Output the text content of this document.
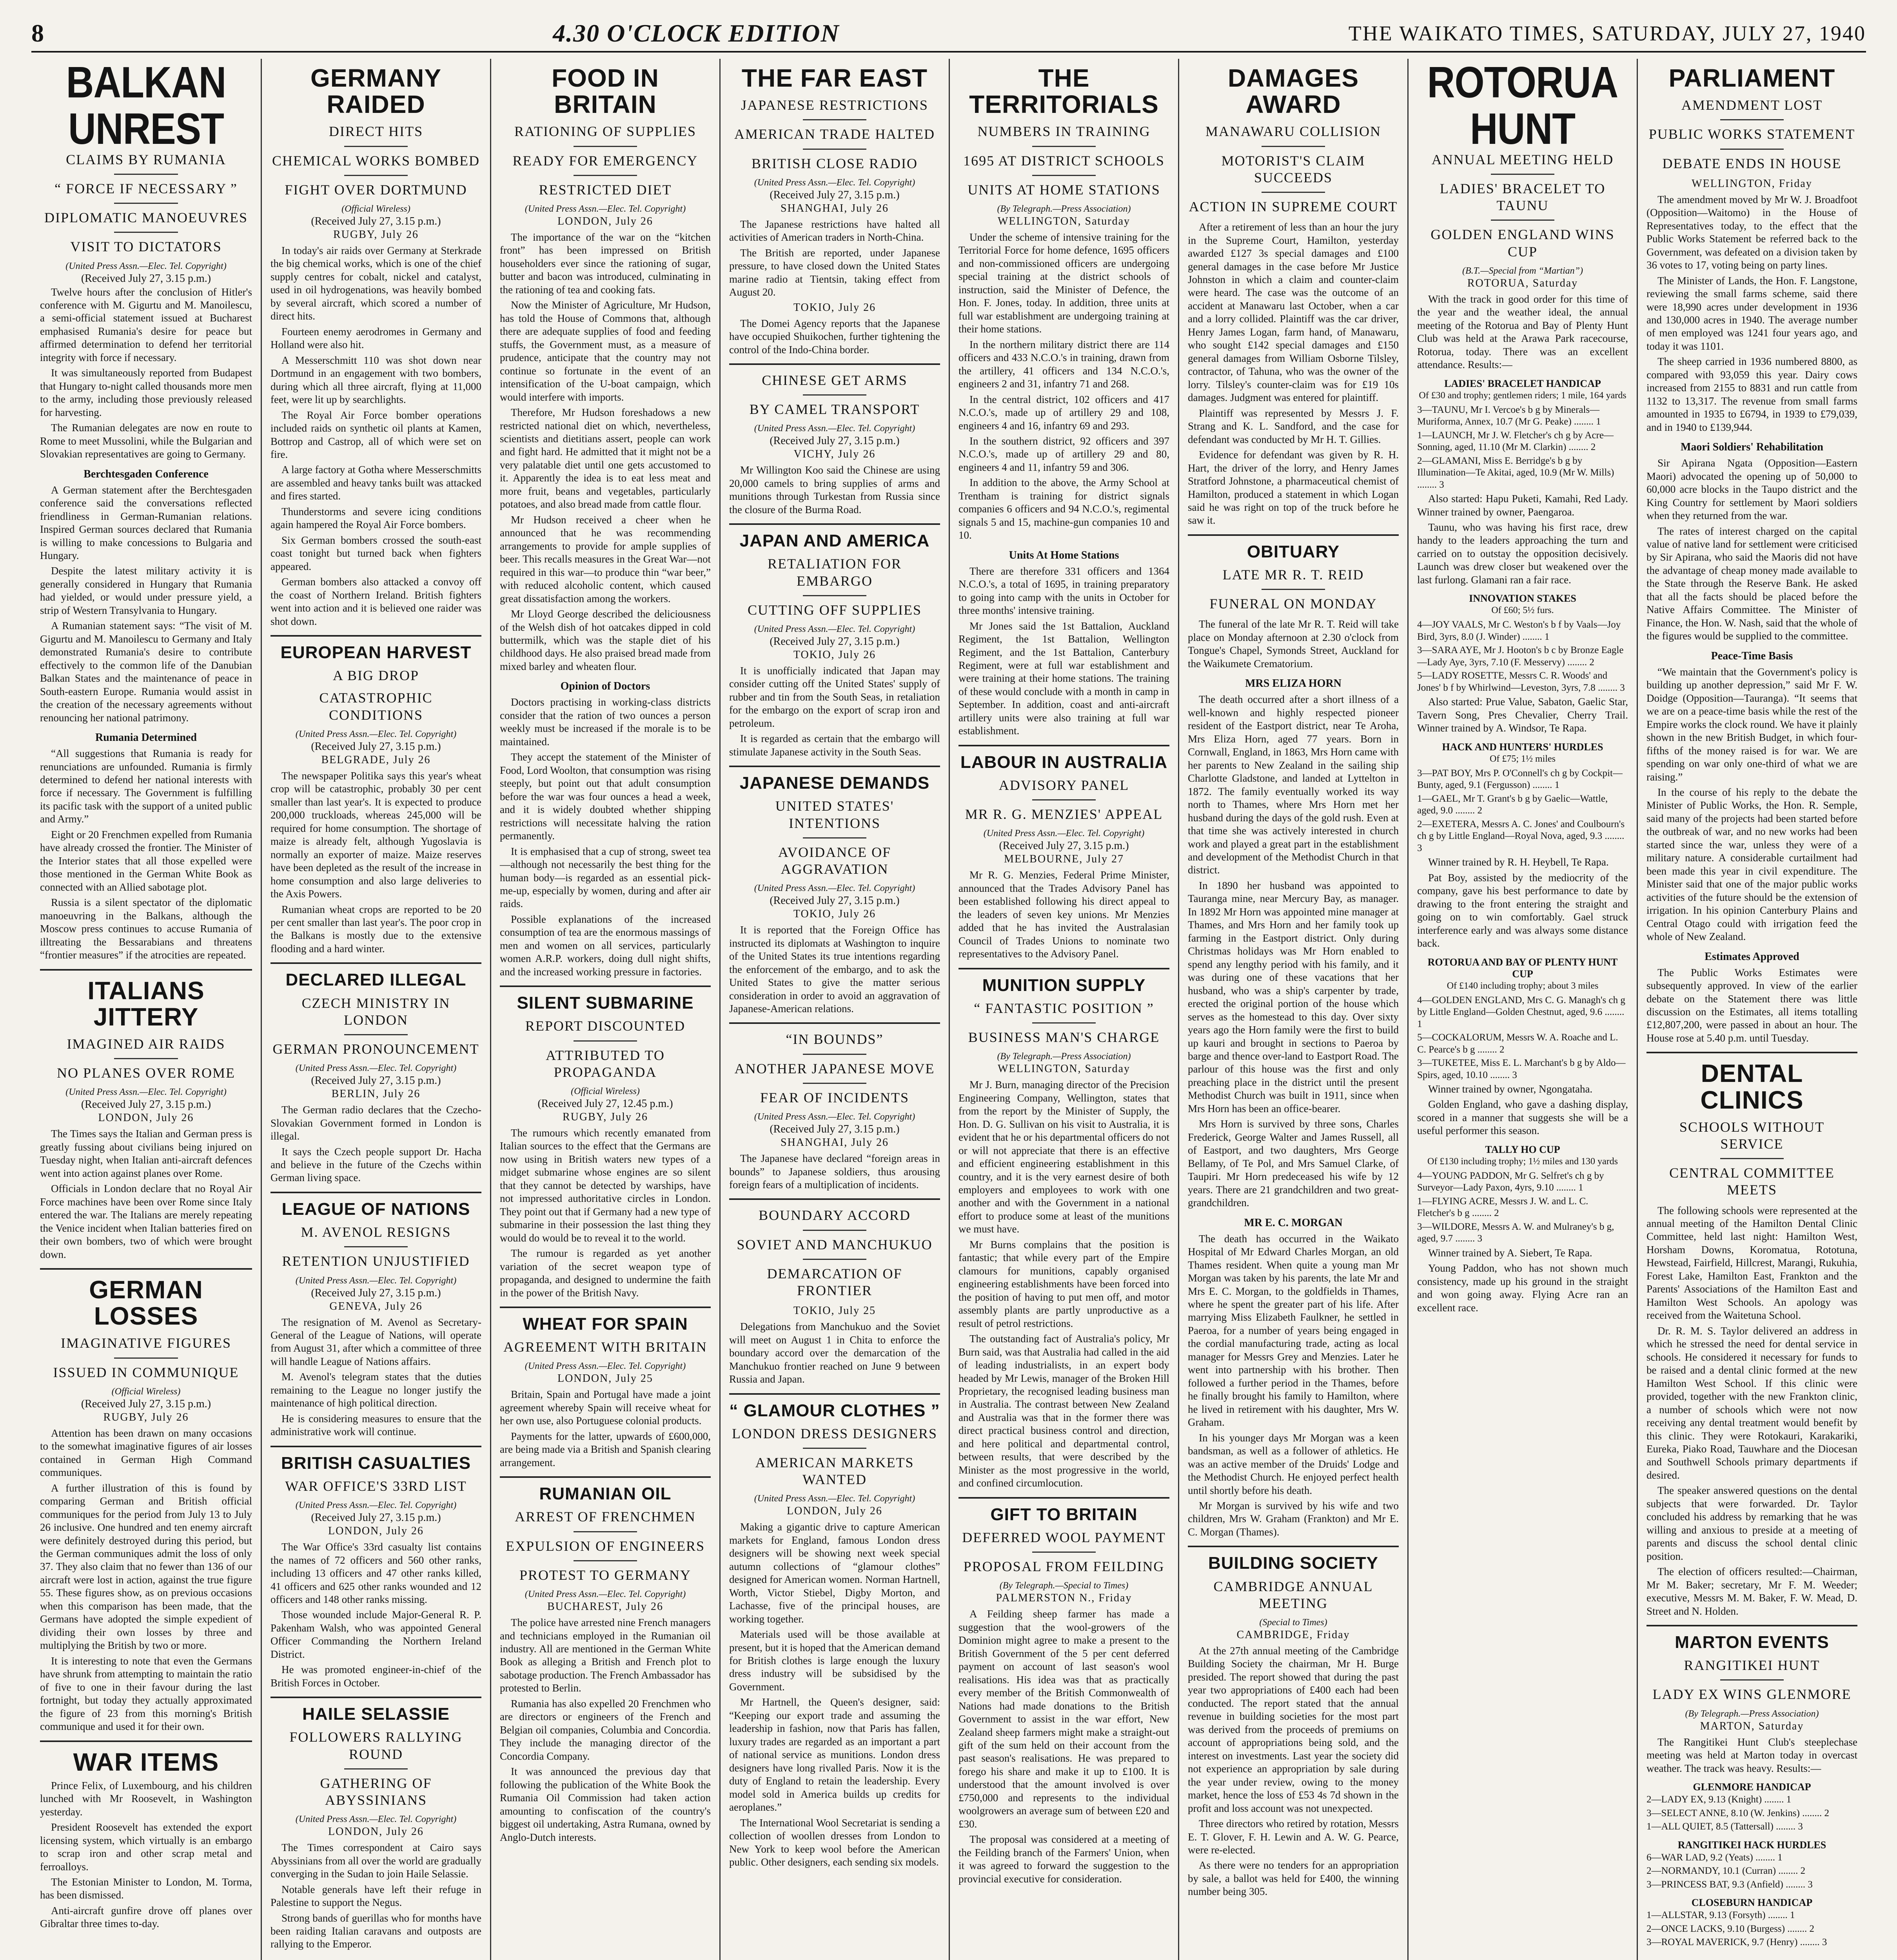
8	4.30 O'CLOCK EDITION	THE WAIKATO TIMES, SATURDAY, JULY 27, 1940
BALKAN UNREST
CLAIMS BY RUMANIA
“ FORCE IF NECESSARY ”
DIPLOMATIC MANOEUVRES
VISIT TO DICTATORS
(United Press Assn.—Elec. Tel. Copyright)
(Received July 27, 3.15 p.m.)
Twelve hours after the conclusion of Hitler's conference with M. Gigurtu and M. Manoilescu, a semi-official statement issued at Bucharest emphasised Rumania's desire for peace but affirmed determination to defend her territorial integrity with force if necessary.
It was simultaneously reported from Budapest that Hungary to-night called thousands more men to the army, including those previously released for harvesting.
The Rumanian delegates are now en route to Rome to meet Mussolini, while the Bulgarian and Slovakian representatives are going to Germany.
Berchtesgaden Conference
A German statement after the Berchtesgaden conference said the conversations reflected friendliness in German-Rumanian relations. Inspired German sources declared that Rumania is willing to make concessions to Bulgaria and Hungary.
Despite the latest military activity it is generally considered in Hungary that Rumania had yielded, or would under pressure yield, a strip of Western Transylvania to Hungary.
A Rumanian statement says: “The visit of M. Gigurtu and M. Manoilescu to Germany and Italy demonstrated Rumania's desire to contribute effectively to the common life of the Danubian Balkan States and the maintenance of peace in South-eastern Europe. Rumania would assist in the creation of the necessary agreements without renouncing her national patrimony.
Rumania Determined
“All suggestions that Rumania is ready for renunciations are unfounded. Rumania is firmly determined to defend her national interests with force if necessary. The Government is fulfilling its pacific task with the support of a united public and Army.”
Eight or 20 Frenchmen expelled from Rumania have already crossed the frontier. The Minister of the Interior states that all those expelled were those mentioned in the German White Book as connected with an Allied sabotage plot.
Russia is a silent spectator of the diplomatic manoeuvring in the Balkans, although the Moscow press continues to accuse Rumania of illtreating the Bessarabians and threatens “frontier measures” if the atrocities are repeated.
ITALIANS JITTERY
IMAGINED AIR RAIDS
NO PLANES OVER ROME
(United Press Assn.—Elec. Tel. Copyright)
(Received July 27, 3.15 p.m.)
LONDON, July 26
The Times says the Italian and German press is greatly fussing about civilians being injured on Tuesday night, when Italian anti-aircraft defences went into action against planes over Rome.
Officials in London declare that no Royal Air Force machines have been over Rome since Italy entered the war. The Italians are merely repeating the Venice incident when Italian batteries fired on their own bombers, two of which were brought down.
GERMAN LOSSES
IMAGINATIVE FIGURES
ISSUED IN COMMUNIQUE
(Official Wireless)
(Received July 27, 3.15 p.m.)
RUGBY, July 26
Attention has been drawn on many occasions to the somewhat imaginative figures of air losses contained in German High Command communiques.
A further illustration of this is found by comparing German and British official communiques for the period from July 13 to July 26 inclusive. One hundred and ten enemy aircraft were definitely destroyed during this period, but the German communiques admit the loss of only 37. They also claim that no fewer than 136 of our aircraft were lost in action, against the true figure 55. These figures show, as on previous occasions when this comparison has been made, that the Germans have adopted the simple expedient of dividing their own losses by three and multiplying the British by two or more.
It is interesting to note that even the Germans have shrunk from attempting to maintain the ratio of five to one in their favour during the last fortnight, but today they actually approximated the figure of 23 from this morning's British communique and used it for their own.
WAR ITEMS
Prince Felix, of Luxembourg, and his children lunched with Mr Roosevelt, in Washington yesterday.
President Roosevelt has extended the export licensing system, which virtually is an embargo to scrap iron and other scrap metal and ferroalloys.
The Estonian Minister to London, M. Torma, has been dismissed.
Anti-aircraft gunfire drove off planes over Gibraltar three times to-day.
GERMANY RAIDED
DIRECT HITS
CHEMICAL WORKS BOMBED
FIGHT OVER DORTMUND
(Official Wireless)
(Received July 27, 3.15 p.m.)
RUGBY, July 26
In today's air raids over Germany at Sterkrade the big chemical works, which is one of the chief supply centres for cobalt, nickel and catalyst, used in oil hydrogenations, was heavily bombed by several aircraft, which scored a number of direct hits.
Fourteen enemy aerodromes in Germany and Holland were also hit.
A Messerschmitt 110 was shot down near Dortmund in an engagement with two bombers, during which all three aircraft, flying at 11,000 feet, were lit up by searchlights.
The Royal Air Force bomber operations included raids on synthetic oil plants at Kamen, Bottrop and Castrop, all of which were set on fire.
A large factory at Gotha where Messerschmitts are assembled and heavy tanks built was attacked and fires started.
Thunderstorms and severe icing conditions again hampered the Royal Air Force bombers.
Six German bombers crossed the south-east coast tonight but turned back when fighters appeared.
German bombers also attacked a convoy off the coast of Northern Ireland. British fighters went into action and it is believed one raider was shot down.
EUROPEAN HARVEST
A BIG DROP
CATASTROPHIC CONDITIONS
(United Press Assn.—Elec. Tel. Copyright)
(Received July 27, 3.15 p.m.)
BELGRADE, July 26
The newspaper Politika says this year's wheat crop will be catastrophic, probably 30 per cent smaller than last year's. It is expected to produce 200,000 truckloads, whereas 245,000 will be required for home consumption. The shortage of maize is already felt, although Yugoslavia is normally an exporter of maize. Maize reserves have been depleted as the result of the increase in home consumption and also large deliveries to the Axis Powers.
Rumanian wheat crops are reported to be 20 per cent smaller than last year's. The poor crop in the Balkans is mostly due to the extensive flooding and a hard winter.
DECLARED ILLEGAL
CZECH MINISTRY IN LONDON
GERMAN PRONOUNCEMENT
(United Press Assn.—Elec. Tel. Copyright)
(Received July 27, 3.15 p.m.)
BERLIN, July 26
The German radio declares that the Czecho-Slovakian Government formed in London is illegal.
It says the Czech people support Dr. Hacha and believe in the future of the Czechs within German living space.
LEAGUE OF NATIONS
M. AVENOL RESIGNS
RETENTION UNJUSTIFIED
(United Press Assn.—Elec. Tel. Copyright)
(Received July 27, 3.15 p.m.)
GENEVA, July 26
The resignation of M. Avenol as Secretary-General of the League of Nations, will operate from August 31, after which a committee of three will handle League of Nations affairs.
M. Avenol's telegram states that the duties remaining to the League no longer justify the maintenance of high political direction.
He is considering measures to ensure that the administrative work will continue.
BRITISH CASUALTIES
WAR OFFICE'S 33RD LIST
(United Press Assn.—Elec. Tel. Copyright)
(Received July 27, 3.15 p.m.)
LONDON, July 26
The War Office's 33rd casualty list contains the names of 72 officers and 560 other ranks, including 13 officers and 47 other ranks killed, 41 officers and 625 other ranks wounded and 12 officers and 148 other ranks missing.
Those wounded include Major-General R. P. Pakenham Walsh, who was appointed General Officer Commanding the Northern Ireland District.
He was promoted engineer-in-chief of the British Forces in October.
HAILE SELASSIE
FOLLOWERS RALLYING ROUND
GATHERING OF ABYSSINIANS
(United Press Assn.—Elec. Tel. Copyright)
LONDON, July 26
The Times correspondent at Cairo says Abyssinians from all over the world are gradually converging in the Sudan to join Haile Selassie.
Notable generals have left their refuge in Palestine to support the Negus.
Strong bands of guerillas who for months have been raiding Italian caravans and outposts are rallying to the Emperor.
FOOD IN BRITAIN
RATIONING OF SUPPLIES
READY FOR EMERGENCY
RESTRICTED DIET
(United Press Assn.—Elec. Tel. Copyright)
LONDON, July 26
The importance of the war on the “kitchen front” has been impressed on British householders ever since the rationing of sugar, butter and bacon was introduced, culminating in the rationing of tea and cooking fats.
Now the Minister of Agriculture, Mr Hudson, has told the House of Commons that, although there are adequate supplies of food and feeding stuffs, the Government must, as a measure of prudence, anticipate that the country may not continue so fortunate in the event of an intensification of the U-boat campaign, which would interfere with imports.
Therefore, Mr Hudson foreshadows a new restricted national diet on which, nevertheless, scientists and dietitians assert, people can work and fight hard. He admitted that it might not be a very palatable diet until one gets accustomed to it. Apparently the idea is to eat less meat and more fruit, beans and vegetables, particularly potatoes, and also bread made from cattle flour.
Mr Hudson received a cheer when he announced that he was recommending arrangements to provide for ample supplies of beer. This recalls measures in the Great War—not required in this war—to produce thin “war beer,” with reduced alcoholic content, which caused great dissatisfaction among the workers.
Mr Lloyd George described the deliciousness of the Welsh dish of hot oatcakes dipped in cold buttermilk, which was the staple diet of his childhood days. He also praised bread made from mixed barley and wheaten flour.
Opinion of Doctors
Doctors practising in working-class districts consider that the ration of two ounces a person weekly must be increased if the morale is to be maintained.
They accept the statement of the Minister of Food, Lord Woolton, that consumption was rising steeply, but point out that adult consumption before the war was four ounces a head a week, and it is widely doubted whether shipping restrictions will necessitate halving the ration permanently.
It is emphasised that a cup of strong, sweet tea—although not necessarily the best thing for the human body—is regarded as an essential pick-me-up, especially by women, during and after air raids.
Possible explanations of the increased consumption of tea are the enormous massings of men and women on all services, particularly women A.R.P. workers, doing dull night shifts, and the increased working pressure in factories.
SILENT SUBMARINE
REPORT DISCOUNTED
ATTRIBUTED TO PROPAGANDA
(Official Wireless)
(Received July 27, 12.45 p.m.)
RUGBY, July 26
The rumours which recently emanated from Italian sources to the effect that the Germans are now using in British waters new types of a midget submarine whose engines are so silent that they cannot be detected by warships, have not impressed authoritative circles in London. They point out that if Germany had a new type of submarine in their possession the last thing they would do would be to reveal it to the world.
The rumour is regarded as yet another variation of the secret weapon type of propaganda, and designed to undermine the faith in the power of the British Navy.
WHEAT FOR SPAIN
AGREEMENT WITH BRITAIN
(United Press Assn.—Elec. Tel. Copyright)
LONDON, July 25
Britain, Spain and Portugal have made a joint agreement whereby Spain will receive wheat for her own use, also Portuguese colonial products.
Payments for the latter, upwards of £600,000, are being made via a British and Spanish clearing arrangement.
RUMANIAN OIL
ARREST OF FRENCHMEN
EXPULSION OF ENGINEERS
PROTEST TO GERMANY
(United Press Assn.—Elec. Tel. Copyright)
BUCHAREST, July 26
The police have arrested nine French managers and technicians employed in the Rumanian oil industry. All are mentioned in the German White Book as alleging a British and French plot to sabotage production. The French Ambassador has protested to Berlin.
Rumania has also expelled 20 Frenchmen who are directors or engineers of the French and Belgian oil companies, Columbia and Concordia. They include the managing director of the Concordia Company.
It was announced the previous day that following the publication of the White Book the Rumania Oil Commission had taken action amounting to confiscation of the country's biggest oil undertaking, Astra Rumana, owned by Anglo-Dutch interests.
THE FAR EAST
JAPANESE RESTRICTIONS
AMERICAN TRADE HALTED
BRITISH CLOSE RADIO
(United Press Assn.—Elec. Tel. Copyright)
(Received July 27, 3.15 p.m.)
SHANGHAI, July 26
The Japanese restrictions have halted all activities of American traders in North-China.
The British are reported, under Japanese pressure, to have closed down the United States marine radio at Tientsin, taking effect from August 20.
TOKIO, July 26
The Domei Agency reports that the Japanese have occupied Shuikochen, further tightening the control of the Indo-China border.
CHINESE GET ARMS
BY CAMEL TRANSPORT
(United Press Assn.—Elec. Tel. Copyright)
(Received July 27, 3.15 p.m.)
VICHY, July 26
Mr Willington Koo said the Chinese are using 20,000 camels to bring supplies of arms and munitions through Turkestan from Russia since the closure of the Burma Road.
JAPAN AND AMERICA
RETALIATION FOR EMBARGO
CUTTING OFF SUPPLIES
(United Press Assn.—Elec. Tel. Copyright)
(Received July 27, 3.15 p.m.)
TOKIO, July 26
It is unofficially indicated that Japan may consider cutting off the United States' supply of rubber and tin from the South Seas, in retaliation for the embargo on the export of scrap iron and petroleum.
It is regarded as certain that the embargo will stimulate Japanese activity in the South Seas.
JAPANESE DEMANDS
UNITED STATES' INTENTIONS
AVOIDANCE OF AGGRAVATION
(United Press Assn.—Elec. Tel. Copyright)
(Received July 27, 3.15 p.m.)
TOKIO, July 26
It is reported that the Foreign Office has instructed its diplomats at Washington to inquire of the United States its true intentions regarding the enforcement of the embargo, and to ask the United States to give the matter serious consideration in order to avoid an aggravation of Japanese-American relations.
“IN BOUNDS”
ANOTHER JAPANESE MOVE
FEAR OF INCIDENTS
(United Press Assn.—Elec. Tel. Copyright)
(Received July 27, 3.15 p.m.)
SHANGHAI, July 26
The Japanese have declared “foreign areas in bounds” to Japanese soldiers, thus arousing foreign fears of a multiplication of incidents.
BOUNDARY ACCORD
SOVIET AND MANCHUKUO
DEMARCATION OF FRONTIER
TOKIO, July 25
Delegations from Manchukuo and the Soviet will meet on August 1 in Chita to enforce the boundary accord over the demarcation of the Manchukuo frontier reached on June 9 between Russia and Japan.
“ GLAMOUR CLOTHES ”
LONDON DRESS DESIGNERS
AMERICAN MARKETS WANTED
(United Press Assn.—Elec. Tel. Copyright)
LONDON, July 26
Making a gigantic drive to capture American markets for England, famous London dress designers will be showing next week special autumn collections of “glamour clothes” designed for American women. Norman Hartnell, Worth, Victor Stiebel, Digby Morton, and Lachasse, five of the principal houses, are working together.
Materials used will be those available at present, but it is hoped that the American demand for British clothes is large enough the luxury dress industry will be subsidised by the Government.
Mr Hartnell, the Queen's designer, said: “Keeping our export trade and assuming the leadership in fashion, now that Paris has fallen, luxury trades are regarded as an important a part of national service as munitions. London dress designers have long rivalled Paris. Now it is the duty of England to retain the leadership. Every model sold in America builds up credits for aeroplanes.”
The International Wool Secretariat is sending a collection of woollen dresses from London to New York to keep wool before the American public. Other designers, each sending six models.
THE TERRITORIALS
NUMBERS IN TRAINING
1695 AT DISTRICT SCHOOLS
UNITS AT HOME STATIONS
(By Telegraph.—Press Association)
WELLINGTON, Saturday
Under the scheme of intensive training for the Territorial Force for home defence, 1695 officers and non-commissioned officers are undergoing special training at the district schools of instruction, said the Minister of Defence, the Hon. F. Jones, today. In addition, three units at full war establishment are undergoing training at their home stations.
In the northern military district there are 114 officers and 433 N.C.O.'s in training, drawn from the artillery, 41 officers and 134 N.C.O.'s, engineers 2 and 31, infantry 71 and 268.
In the central district, 102 officers and 417 N.C.O.'s, made up of artillery 29 and 108, engineers 4 and 16, infantry 69 and 293.
In the southern district, 92 officers and 397 N.C.O.'s, made up of artillery 29 and 80, engineers 4 and 11, infantry 59 and 306.
In addition to the above, the Army School at Trentham is training for district signals companies 6 officers and 94 N.C.O.'s, regimental signals 5 and 15, machine-gun companies 10 and 10.
Units At Home Stations
There are therefore 331 officers and 1364 N.C.O.'s, a total of 1695, in training preparatory to going into camp with the units in October for three months' intensive training.
Mr Jones said the 1st Battalion, Auckland Regiment, the 1st Battalion, Wellington Regiment, and the 1st Battalion, Canterbury Regiment, were at full war establishment and were training at their home stations. The training of these would conclude with a month in camp in September. In addition, coast and anti-aircraft artillery units were also training at full war establishment.
LABOUR IN AUSTRALIA
ADVISORY PANEL
MR R. G. MENZIES' APPEAL
(United Press Assn.—Elec. Tel. Copyright)
(Received July 27, 3.15 p.m.)
MELBOURNE, July 27
Mr R. G. Menzies, Federal Prime Minister, announced that the Trades Advisory Panel has been established following his direct appeal to the leaders of seven key unions. Mr Menzies added that he has invited the Australasian Council of Trades Unions to nominate two representatives to the Advisory Panel.
MUNITION SUPPLY
“ FANTASTIC POSITION ”
BUSINESS MAN'S CHARGE
(By Telegraph.—Press Association)
WELLINGTON, Saturday
Mr J. Burn, managing director of the Precision Engineering Company, Wellington, states that from the report by the Minister of Supply, the Hon. D. G. Sullivan on his visit to Australia, it is evident that he or his departmental officers do not or will not appreciate that there is an effective and efficient engineering establishment in this country, and it is the very earnest desire of both employers and employees to work with one another and with the Government in a national effort to produce some at least of the munitions we must have.
Mr Burns complains that the position is fantastic; that while every part of the Empire clamours for munitions, capably organised engineering establishments have been forced into the position of having to put men off, and motor assembly plants are partly unproductive as a result of petrol restrictions.
The outstanding fact of Australia's policy, Mr Burn said, was that Australia had called in the aid of leading industrialists, in an expert body headed by Mr Lewis, manager of the Broken Hill Proprietary, the recognised leading business man in Australia. The contrast between New Zealand and Australia was that in the former there was direct practical business control and direction, and here political and departmental control, between results, that were described by the Minister as the most progressive in the world, and confined circumlocution.
GIFT TO BRITAIN
DEFERRED WOOL PAYMENT
PROPOSAL FROM FEILDING
(By Telegraph.—Special to Times)
PALMERSTON N., Friday
A Feilding sheep farmer has made a suggestion that the wool-growers of the Dominion might agree to make a present to the British Government of the 5 per cent deferred payment on account of last season's wool realisations. His idea was that as practically every member of the British Commonwealth of Nations had made donations to the British Government to assist in the war effort, New Zealand sheep farmers might make a straight-out gift of the sum held on their account from the past season's realisations. He was prepared to forego his share and make it up to £100. It is understood that the amount involved is over £750,000 and represents to the individual woolgrowers an average sum of between £20 and £30.
The proposal was considered at a meeting of the Feilding branch of the Farmers' Union, when it was agreed to forward the suggestion to the provincial executive for consideration.
DAMAGES AWARD
MANAWARU COLLISION
MOTORIST'S CLAIM SUCCEEDS
ACTION IN SUPREME COURT
After a retirement of less than an hour the jury in the Supreme Court, Hamilton, yesterday awarded £127 3s special damages and £100 general damages in the case before Mr Justice Johnston in which a claim and counter-claim were heard. The case was the outcome of an accident at Manawaru last October, when a car and a lorry collided. Plaintiff was the car driver, Henry James Logan, farm hand, of Manawaru, who sought £142 special damages and £150 general damages from William Osborne Tilsley, contractor, of Tahuna, who was the owner of the lorry. Tilsley's counter-claim was for £19 10s damages. Judgment was entered for plaintiff.
Plaintiff was represented by Messrs J. F. Strang and K. L. Sandford, and the case for defendant was conducted by Mr H. T. Gillies.
Evidence for defendant was given by R. H. Hart, the driver of the lorry, and Henry James Stratford Johnstone, a pharmaceutical chemist of Hamilton, produced a statement in which Logan said he was right on top of the truck before he saw it.
OBITUARY
LATE MR R. T. REID
FUNERAL ON MONDAY
The funeral of the late Mr R. T. Reid will take place on Monday afternoon at 2.30 o'clock from Tongue's Chapel, Symonds Street, Auckland for the Waikumete Crematorium.
MRS ELIZA HORN
The death occurred after a short illness of a well-known and highly respected pioneer resident of the Eastport district, near Te Aroha, Mrs Eliza Horn, aged 77 years. Born in Cornwall, England, in 1863, Mrs Horn came with her parents to New Zealand in the sailing ship Charlotte Gladstone, and landed at Lyttelton in 1872. The family eventually worked its way north to Thames, where Mrs Horn met her husband during the days of the gold rush. Even at that time she was actively interested in church work and played a great part in the establishment and development of the Methodist Church in that district.
In 1890 her husband was appointed to Tauranga mine, near Mercury Bay, as manager. In 1892 Mr Horn was appointed mine manager at Thames, and Mrs Horn and her family took up farming in the Eastport district. Only during Christmas holidays was Mr Horn enabled to spend any lengthy period with his family, and it was during one of these vacations that her husband, who was a ship's carpenter by trade, erected the original portion of the house which serves as the homestead to this day. Over sixty years ago the Horn family were the first to build up kauri and brought in sections to Paeroa by barge and thence over-land to Eastport Road. The parlour of this house was the first and only preaching place in the district until the present Methodist Church was built in 1911, since when Mrs Horn has been an office-bearer.
Mrs Horn is survived by three sons, Charles Frederick, George Walter and James Russell, all of Eastport, and two daughters, Mrs George Bellamy, of Te Pol, and Mrs Samuel Clarke, of Taupiri. Mr Horn predeceased his wife by 12 years. There are 21 grandchildren and two great-grandchildren.
MR E. C. MORGAN
The death has occurred in the Waikato Hospital of Mr Edward Charles Morgan, an old Thames resident. When quite a young man Mr Morgan was taken by his parents, the late Mr and Mrs E. C. Morgan, to the goldfields in Thames, where he spent the greater part of his life. After marrying Miss Elizabeth Faulkner, he settled in Paeroa, for a number of years being engaged in the cordial manufacturing trade, acting as local manager for Messrs Grey and Menzies. Later he went into partnership with his brother. Then followed a further period in the Thames, before he finally brought his family to Hamilton, where he lived in retirement with his daughter, Mrs W. Graham.
In his younger days Mr Morgan was a keen bandsman, as well as a follower of athletics. He was an active member of the Druids' Lodge and the Methodist Church. He enjoyed perfect health until shortly before his death.
Mr Morgan is survived by his wife and two children, Mrs W. Graham (Frankton) and Mr E. C. Morgan (Thames).
BUILDING SOCIETY
CAMBRIDGE ANNUAL MEETING
(Special to Times)
CAMBRIDGE, Friday
At the 27th annual meeting of the Cambridge Building Society the chairman, Mr H. Burge presided. The report showed that during the past year two appropriations of £400 each had been conducted. The report stated that the annual revenue in building societies for the most part was derived from the proceeds of premiums on account of appropriations being sold, and the interest on investments. Last year the society did not experience an appropriation by sale during the year under review, owing to the money market, hence the loss of £53 4s 7d shown in the profit and loss account was not unexpected.
Three directors who retired by rotation, Messrs E. T. Glover, F. H. Lewin and A. W. G. Pearce, were re-elected.
As there were no tenders for an appropriation by sale, a ballot was held for £400, the winning number being 305.
ROTORUA HUNT
ANNUAL MEETING HELD
LADIES' BRACELET TO TAUNU
GOLDEN ENGLAND WINS CUP
(B.T.—Special from “Martian”)
ROTORUA, Saturday
With the track in good order for this time of the year and the weather ideal, the annual meeting of the Rotorua and Bay of Plenty Hunt Club was held at the Arawa Park racecourse, Rotorua, today. There was an excellent attendance. Results:—
LADIES' BRACELET HANDICAP
Of £30 and trophy; gentlemen riders; 1 mile, 164 yards
3—TAUNU, Mr I. Vercoe's b g by Minerals—Muriforma, Annex, 10.7 (Mr G. Peake) ........ 1
1—LAUNCH, Mr J. W. Fletcher's ch g by Acre—Sonning, aged, 11.10 (Mr M. Clarkin) ........ 2
2—GLAMANI, Miss E. Berridge's b g by Illumination—Te Akitai, aged, 10.9 (Mr W. Mills) ........ 3
Also started: Hapu Puketi, Kamahi, Red Lady. Winner trained by owner, Paengaroa.
Taunu, who was having his first race, drew handy to the leaders approaching the turn and carried on to outstay the opposition decisively. Launch was drew closer but weakened over the last furlong. Glamani ran a fair race.
INNOVATION STAKES
Of £60; 5½ furs.
4—JOY VAALS, Mr C. Weston's b f by Vaals—Joy Bird, 3yrs, 8.0 (J. Winder) ........ 1
3—SARA AYE, Mr J. Hooton's b c by Bronze Eagle—Lady Aye, 3yrs, 7.10 (F. Messervy) ........ 2
5—LADY ROSETTE, Messrs C. R. Woods' and Jones' b f by Whirlwind—Leveston, 3yrs, 7.8 ........ 3
Also started: Prue Value, Sabaton, Gaelic Star, Tavern Song, Pres Chevalier, Cherry Trail. Winner trained by A. Windsor, Te Rapa.
HACK AND HUNTERS' HURDLES
Of £75; 1½ miles
3—PAT BOY, Mrs P. O'Connell's ch g by Cockpit—Bunty, aged, 9.1 (Fergusson) ........ 1
1—GAEL, Mr T. Grant's b g by Gaelic—Wattle, aged, 9.0 ........ 2
2—EXETERA, Messrs A. C. Jones' and Coulbourn's ch g by Little England—Royal Nova, aged, 9.3 ........ 3
Winner trained by R. H. Heybell, Te Rapa.
Pat Boy, assisted by the mediocrity of the company, gave his best performance to date by drawing to the front entering the straight and going on to win comfortably. Gael struck interference early and was always some distance back.
ROTORUA AND BAY OF PLENTY HUNT CUP
Of £140 including trophy; about 3 miles
4—GOLDEN ENGLAND, Mrs C. G. Managh's ch g by Little England—Golden Chestnut, aged, 9.6 ........ 1
5—COCKALORUM, Messrs W. A. Roache and L. C. Pearce's b g ........ 2
3—TUKETEE, Miss E. L. Marchant's b g by Aldo—Spirs, aged, 10.10 ........ 3
Winner trained by owner, Ngongataha.
Golden England, who gave a dashing display, scored in a manner that suggests she will be a useful performer this season.
TALLY HO CUP
Of £130 including trophy; 1½ miles and 130 yards
4—YOUNG PADDON, Mr G. Selfret's ch g by Surveyor—Lady Paxon, 4yrs, 9.10 ........ 1
1—FLYING ACRE, Messrs J. W. and L. C. Fletcher's b g ........ 2
3—WILDORE, Messrs A. W. and Mulraney's b g, aged, 9.7 ........ 3
Winner trained by A. Siebert, Te Rapa.
Young Paddon, who has not shown much consistency, made up his ground in the straight and won going away. Flying Acre ran an excellent race.
PARLIAMENT
AMENDMENT LOST
PUBLIC WORKS STATEMENT
DEBATE ENDS IN HOUSE
WELLINGTON, Friday
The amendment moved by Mr W. J. Broadfoot (Opposition—Waitomo) in the House of Representatives today, to the effect that the Public Works Statement be referred back to the Government, was defeated on a division taken by 36 votes to 17, voting being on party lines.
The Minister of Lands, the Hon. F. Langstone, reviewing the small farms scheme, said there were 18,990 acres under development in 1936 and 130,000 acres in 1940. The average number of men employed was 1241 four years ago, and today it was 1101.
The sheep carried in 1936 numbered 8800, as compared with 93,059 this year. Dairy cows increased from 2155 to 8831 and run cattle from 1132 to 13,317. The revenue from small farms amounted in 1935 to £6794, in 1939 to £79,039, and in 1940 to £139,944.
Maori Soldiers' Rehabilitation
Sir Apirana Ngata (Opposition—Eastern Maori) advocated the opening up of 50,000 to 60,000 acre blocks in the Taupo district and the King Country for settlement by Maori soldiers when they returned from the war.
The rates of interest charged on the capital value of native land for settlement were criticised by Sir Apirana, who said the Maoris did not have the advantage of cheap money made available to the State through the Reserve Bank. He asked that all the facts should be placed before the Native Affairs Committee. The Minister of Finance, the Hon. W. Nash, said that the whole of the figures would be supplied to the committee.
Peace-Time Basis
“We maintain that the Government's policy is building up another depression,” said Mr F. W. Doidge (Opposition—Tauranga). “It seems that we are on a peace-time basis while the rest of the Empire works the clock round. We have it plainly shown in the new British Budget, in which four-fifths of the money raised is for war. We are spending on war only one-third of what we are raising.”
In the course of his reply to the debate the Minister of Public Works, the Hon. R. Semple, said many of the projects had been started before the outbreak of war, and no new works had been started since the war, unless they were of a military nature. A considerable curtailment had been made this year in civil expenditure. The Minister said that one of the major public works activities of the future should be the extension of irrigation. In his opinion Canterbury Plains and Central Otago could with irrigation feed the whole of New Zealand.
Estimates Approved
The Public Works Estimates were subsequently approved. In view of the earlier debate on the Statement there was little discussion on the Estimates, all items totalling £12,807,200, were passed in about an hour. The House rose at 5.40 p.m. until Tuesday.
DENTAL CLINICS
SCHOOLS WITHOUT SERVICE
CENTRAL COMMITTEE MEETS
The following schools were represented at the annual meeting of the Hamilton Dental Clinic Committee, held last night: Hamilton West, Horsham Downs, Koromatua, Rototuna, Hewstead, Fairfield, Hillcrest, Marangi, Rukuhia, Forest Lake, Hamilton East, Frankton and the Parents' Associations of the Hamilton East and Hamilton West Schools. An apology was received from the Waitetuna School.
Dr. R. M. S. Taylor delivered an address in which he stressed the need for dental service in schools. He considered it necessary for funds to be raised and a dental clinic formed at the new Hamilton West School. If this clinic were provided, together with the new Frankton clinic, a number of schools which were not now receiving any dental treatment would benefit by this clinic. They were Rotokauri, Karakariki, Eureka, Piako Road, Tauwhare and the Diocesan and Southwell Schools primary departments if desired.
The speaker answered questions on the dental subjects that were forwarded. Dr. Taylor concluded his address by remarking that he was willing and anxious to preside at a meeting of parents and discuss the school dental clinic position.
The election of officers resulted:—Chairman, Mr M. Baker; secretary, Mr F. M. Weeder; executive, Messrs M. M. Baker, F. W. Mead, D. Street and N. Holden.
MARTON EVENTS
RANGITIKEI HUNT
LADY EX WINS GLENMORE
(By Telegraph.—Press Association)
MARTON, Saturday
The Rangitikei Hunt Club's steeplechase meeting was held at Marton today in overcast weather. The track was heavy. Results:—
GLENMORE HANDICAP
2—LADY EX, 9.13 (Knight) ........ 1
3—SELECT ANNE, 8.10 (W. Jenkins) ........ 2
1—ALL QUIET, 8.5 (Tattersall) ........ 3
RANGITIKEI HACK HURDLES
6—WAR LAD, 9.2 (Yeats) ........ 1
2—NORMANDY, 10.1 (Curran) ........ 2
3—PRINCESS BAT, 9.3 (Anfield) ........ 3
CLOSEBURN HANDICAP
1—ALLSTAR, 9.13 (Forsyth) ........ 1
2—ONCE LACKS, 9.10 (Burgess) ........ 2
3—ROYAL MAVERICK, 9.7 (Henry) ........ 3
